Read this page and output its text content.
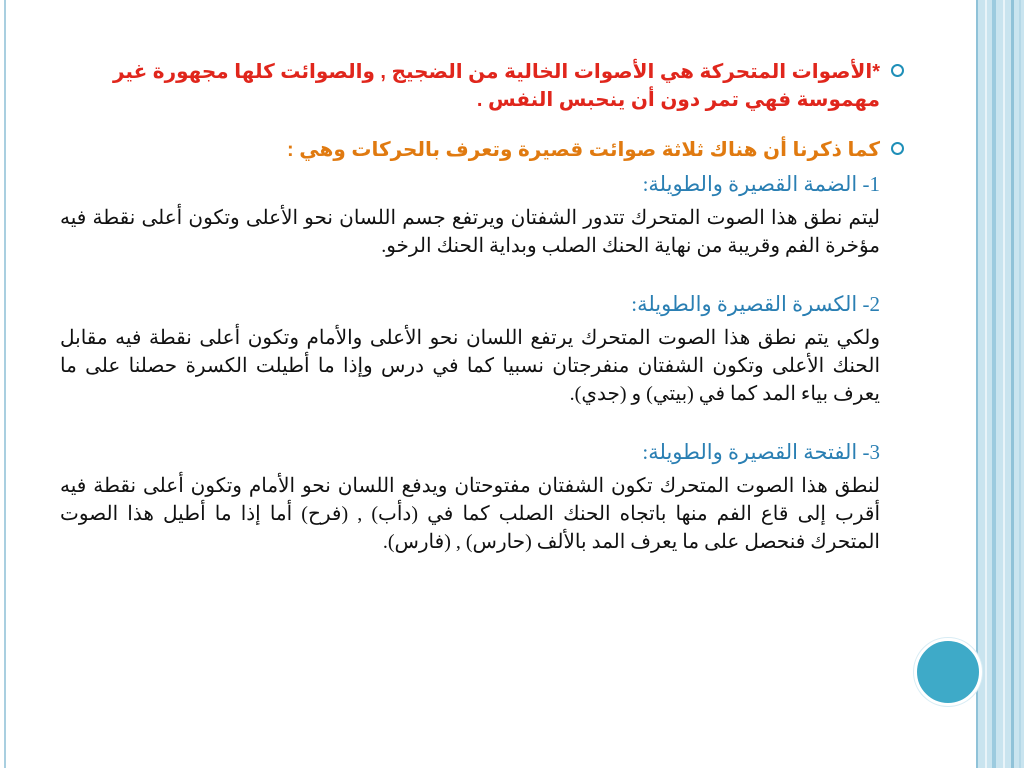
*الأصوات المتحركة هي الأصوات الخالية من الضجيج , والصوائت كلها مجهورة غير مهموسة فهي تمر دون أن ينحبس النفس .

كما ذكرنا أن هناك ثلاثة صوائت قصيرة وتعرف بالحركات وهي :

1- الضمة القصيرة والطويلة:

ليتم نطق هذا الصوت المتحرك تتدور الشفتان ويرتفع جسم اللسان نحو الأعلى وتكون أعلى نقطة فيه مؤخرة الفم وقريبة من نهاية الحنك الصلب وبداية الحنك الرخو.

2- الكسرة القصيرة والطويلة:

ولكي يتم نطق هذا الصوت المتحرك يرتفع اللسان نحو الأعلى والأمام وتكون أعلى نقطة فيه مقابل الحنك الأعلى وتكون الشفتان منفرجتان نسبيا كما في درس وإذا ما أطيلت الكسرة حصلنا على ما يعرف بياء المد كما في (بيتي) و (جدي).

3- الفتحة القصيرة والطويلة:

لنطق هذا الصوت المتحرك تكون الشفتان مفتوحتان ويدفع اللسان نحو الأمام وتكون أعلى نقطة فيه أقرب إلى قاع الفم منها باتجاه الحنك الصلب كما في (دأب) , (فرح) أما إذا ما أطيل هذا الصوت المتحرك فنحصل على ما يعرف المد بالألف (حارس) , (فارس).
